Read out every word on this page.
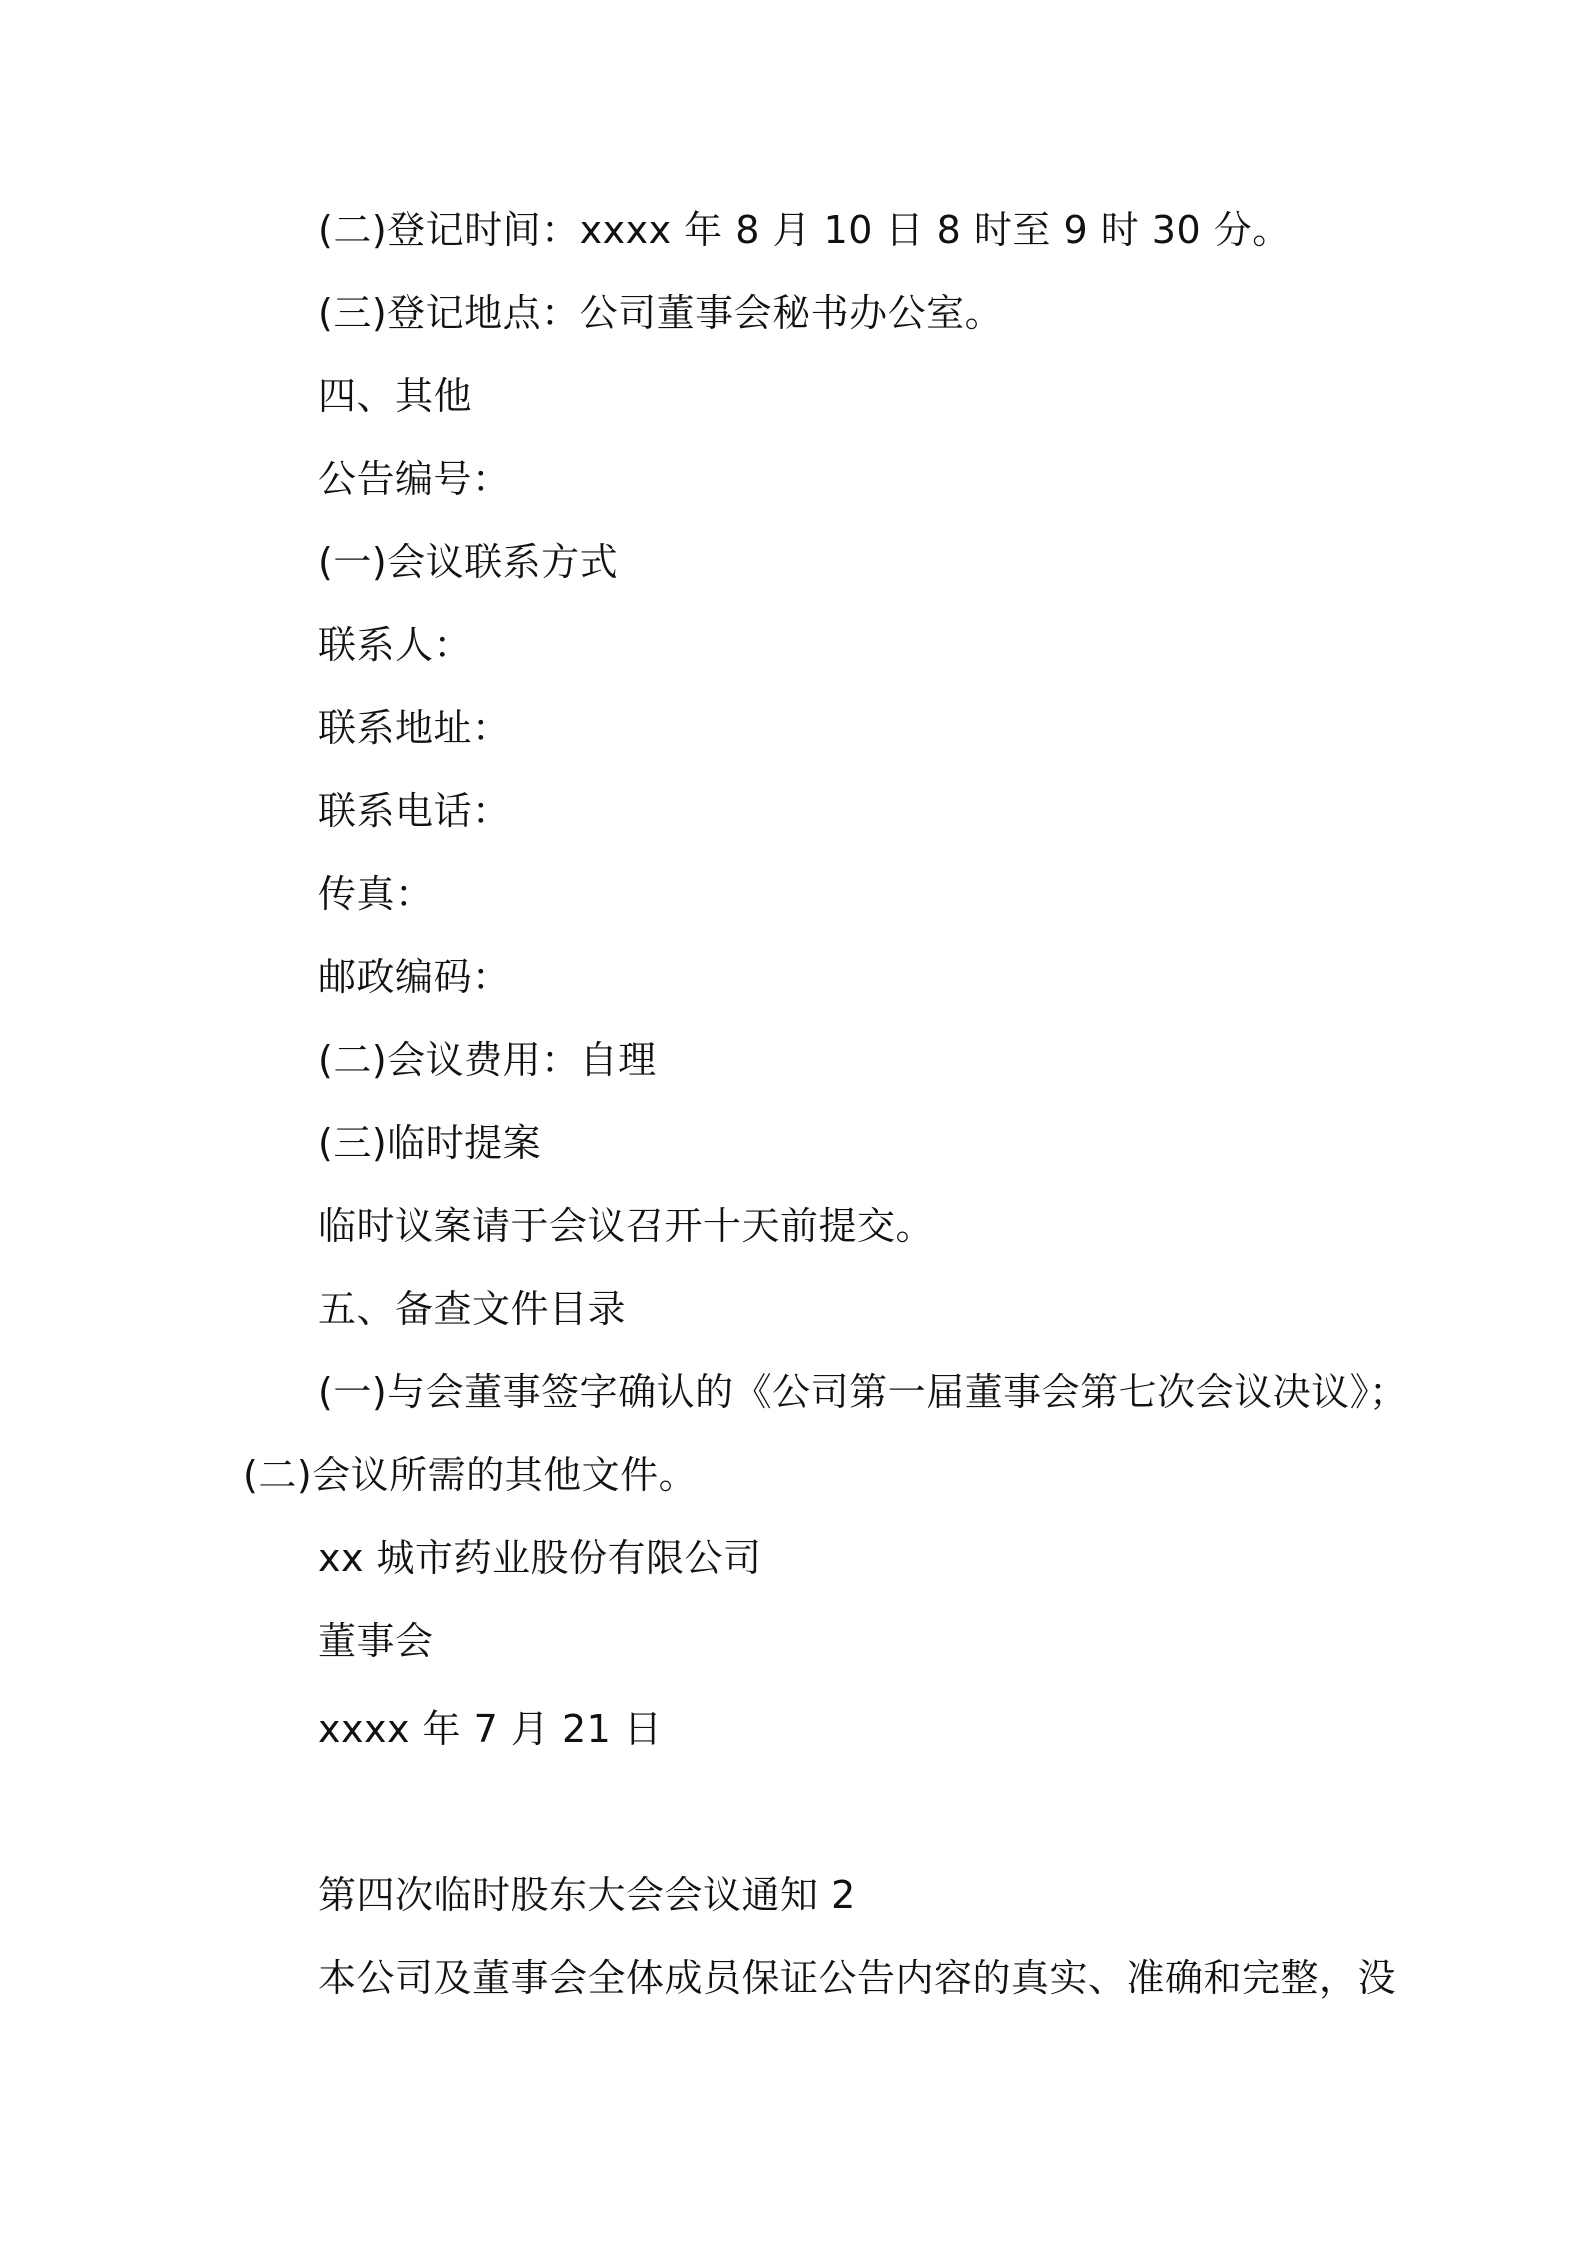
(二)登记时间：xxxx 年 8 月 10 日 8 时至 9 时 30 分。
(三)登记地点：公司董事会秘书办公室。
四、其他
公告编号：
(一)会议联系方式
联系人：
联系地址：
联系电话：
传真：
邮政编码：
(二)会议费用：自理
(三)临时提案
临时议案请于会议召开十天前提交。
五、备查文件目录
(一)与会董事签字确认的《公司第一届董事会第七次会议决议》；
(二)会议所需的其他文件。
xx 城市药业股份有限公司
董事会
xxxx 年 7 月 21 日
第四次临时股东大会会议通知 2
本公司及董事会全体成员保证公告内容的真实、准确和完整，没
